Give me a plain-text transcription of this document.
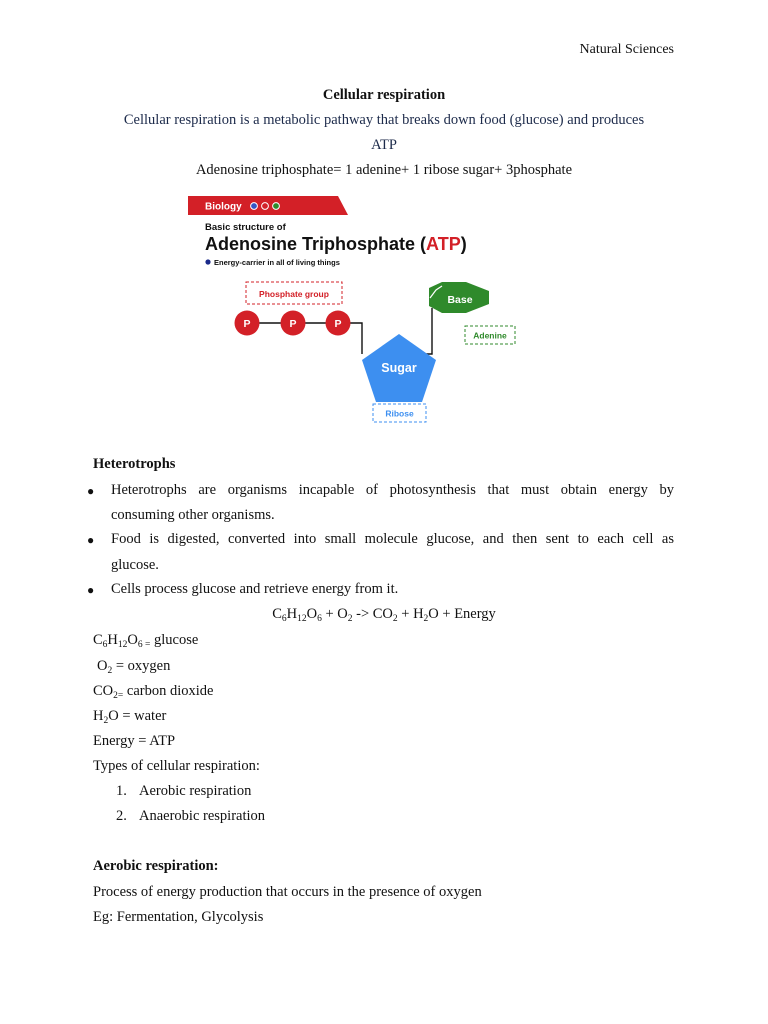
Natural Sciences
Cellular respiration
Cellular respiration is a metabolic pathway that breaks down food (glucose) and produces
ATP
Adenosine triphosphate= 1 adenine+ 1 ribose sugar+ 3phosphate
Biology
Basic structure of
Adenosine Triphosphate (ATP)
Energy-carrier in all of living things
Phosphate group
P	P	P
Sugar
Ribose
Base
Adenine
Heterotrophs
● Heterotrophs are organisms incapable of photosynthesis that must obtain energy by
consuming other organisms.
● Food is digested, converted into small molecule glucose, and then sent to each cell as
glucose.
● Cells process glucose and retrieve energy from it.
$C_6H_{12}O_6 + O_2 -> CO_2 + H_2O$ + Energy
$C_6H_{12}O_{6 =}$ glucose
$O_2$ = oxygen
$CO_{2=}$ carbon dioxide
$H_2O$ = water
Energy = ATP
Types of cellular respiration:
1. Aerobic respiration
2. Anaerobic respiration
Aerobic respiration:
Process of energy production that occurs in the presence of oxygen
Eg: Fermentation, Glycolysis
